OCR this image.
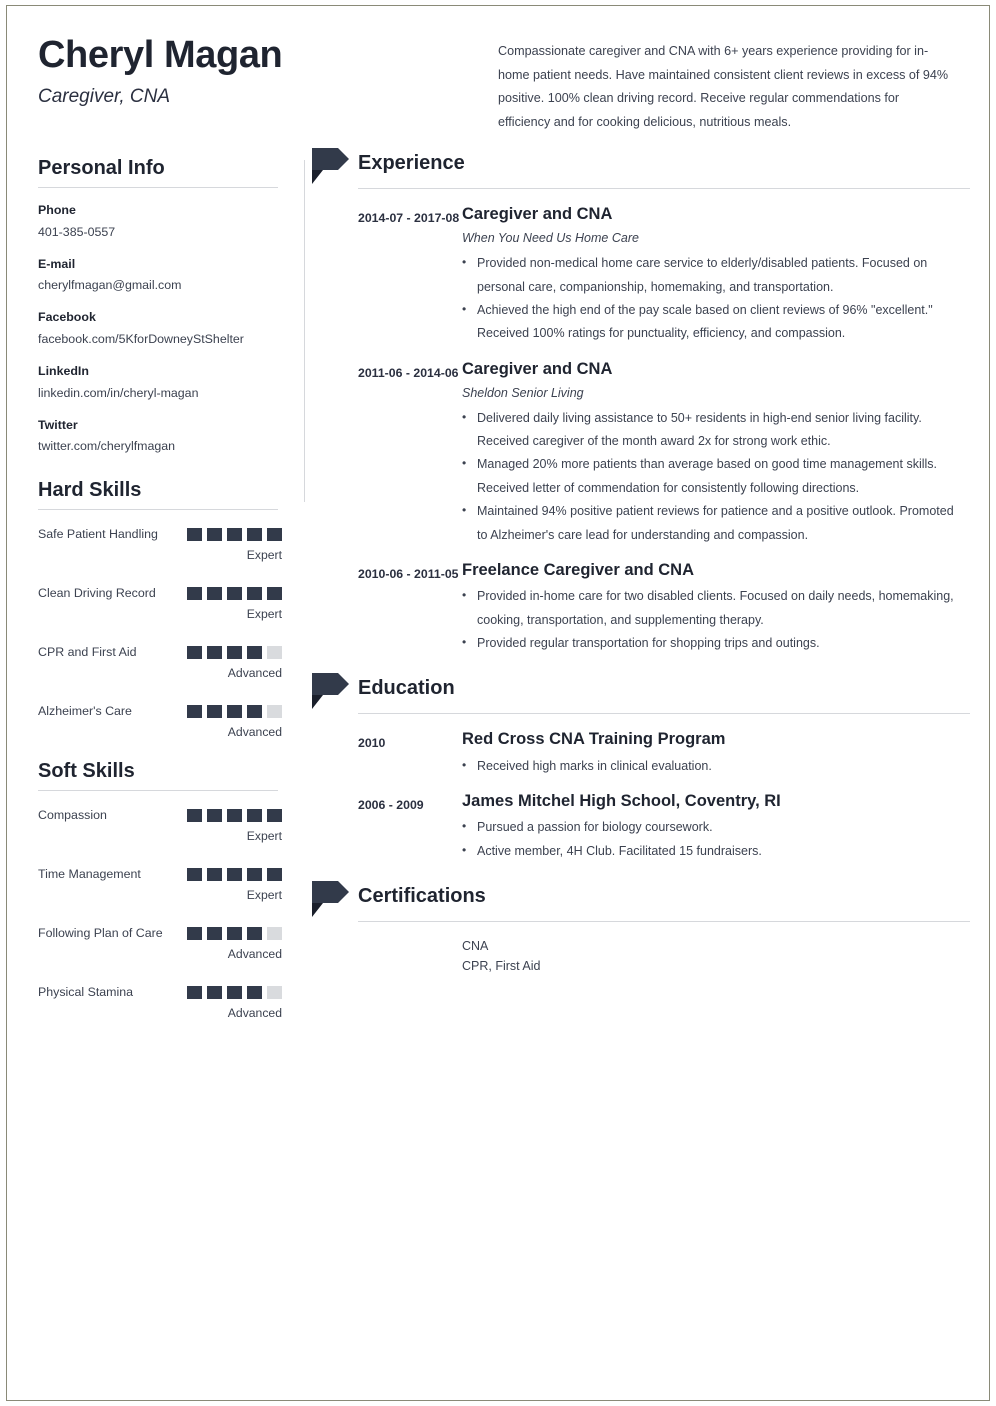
Cheryl Magan
Caregiver, CNA
Compassionate caregiver and CNA with 6+ years experience providing for in-home patient needs. Have maintained consistent client reviews in excess of 94% positive. 100% clean driving record. Receive regular commendations for efficiency and for cooking delicious, nutritious meals.
Personal Info
Phone
401-385-0557
E-mail
cherylfmagan@gmail.com
Facebook
facebook.com/5KforDowneyStShelter
LinkedIn
linkedin.com/in/cheryl-magan
Twitter
twitter.com/cherylfmagan
Hard Skills
Safe Patient Handling
Expert
Clean Driving Record
Expert
CPR and First Aid
Advanced
Alzheimer's Care
Advanced
Soft Skills
Compassion
Expert
Time Management
Expert
Following Plan of Care
Advanced
Physical Stamina
Advanced
Experience
2014-07 - 2017-08 Caregiver and CNA
When You Need Us Home Care
• Provided non-medical home care service to elderly/disabled patients. Focused on personal care, companionship, homemaking, and transportation.
• Achieved the high end of the pay scale based on client reviews of 96% "excellent." Received 100% ratings for punctuality, efficiency, and compassion.
2011-06 - 2014-06 Caregiver and CNA
Sheldon Senior Living
• Delivered daily living assistance to 50+ residents in high-end senior living facility. Received caregiver of the month award 2x for strong work ethic.
• Managed 20% more patients than average based on good time management skills. Received letter of commendation for consistently following directions.
• Maintained 94% positive patient reviews for patience and a positive outlook. Promoted to Alzheimer's care lead for understanding and compassion.
2010-06 - 2011-05 Freelance Caregiver and CNA
• Provided in-home care for two disabled clients. Focused on daily needs, homemaking, cooking, transportation, and supplementing therapy.
• Provided regular transportation for shopping trips and outings.
Education
2010	Red Cross CNA Training Program
• Received high marks in clinical evaluation.
2006 - 2009	James Mitchel High School, Coventry, RI
• Pursued a passion for biology coursework.
• Active member, 4H Club. Facilitated 15 fundraisers.
Certifications
CNA
CPR, First Aid
